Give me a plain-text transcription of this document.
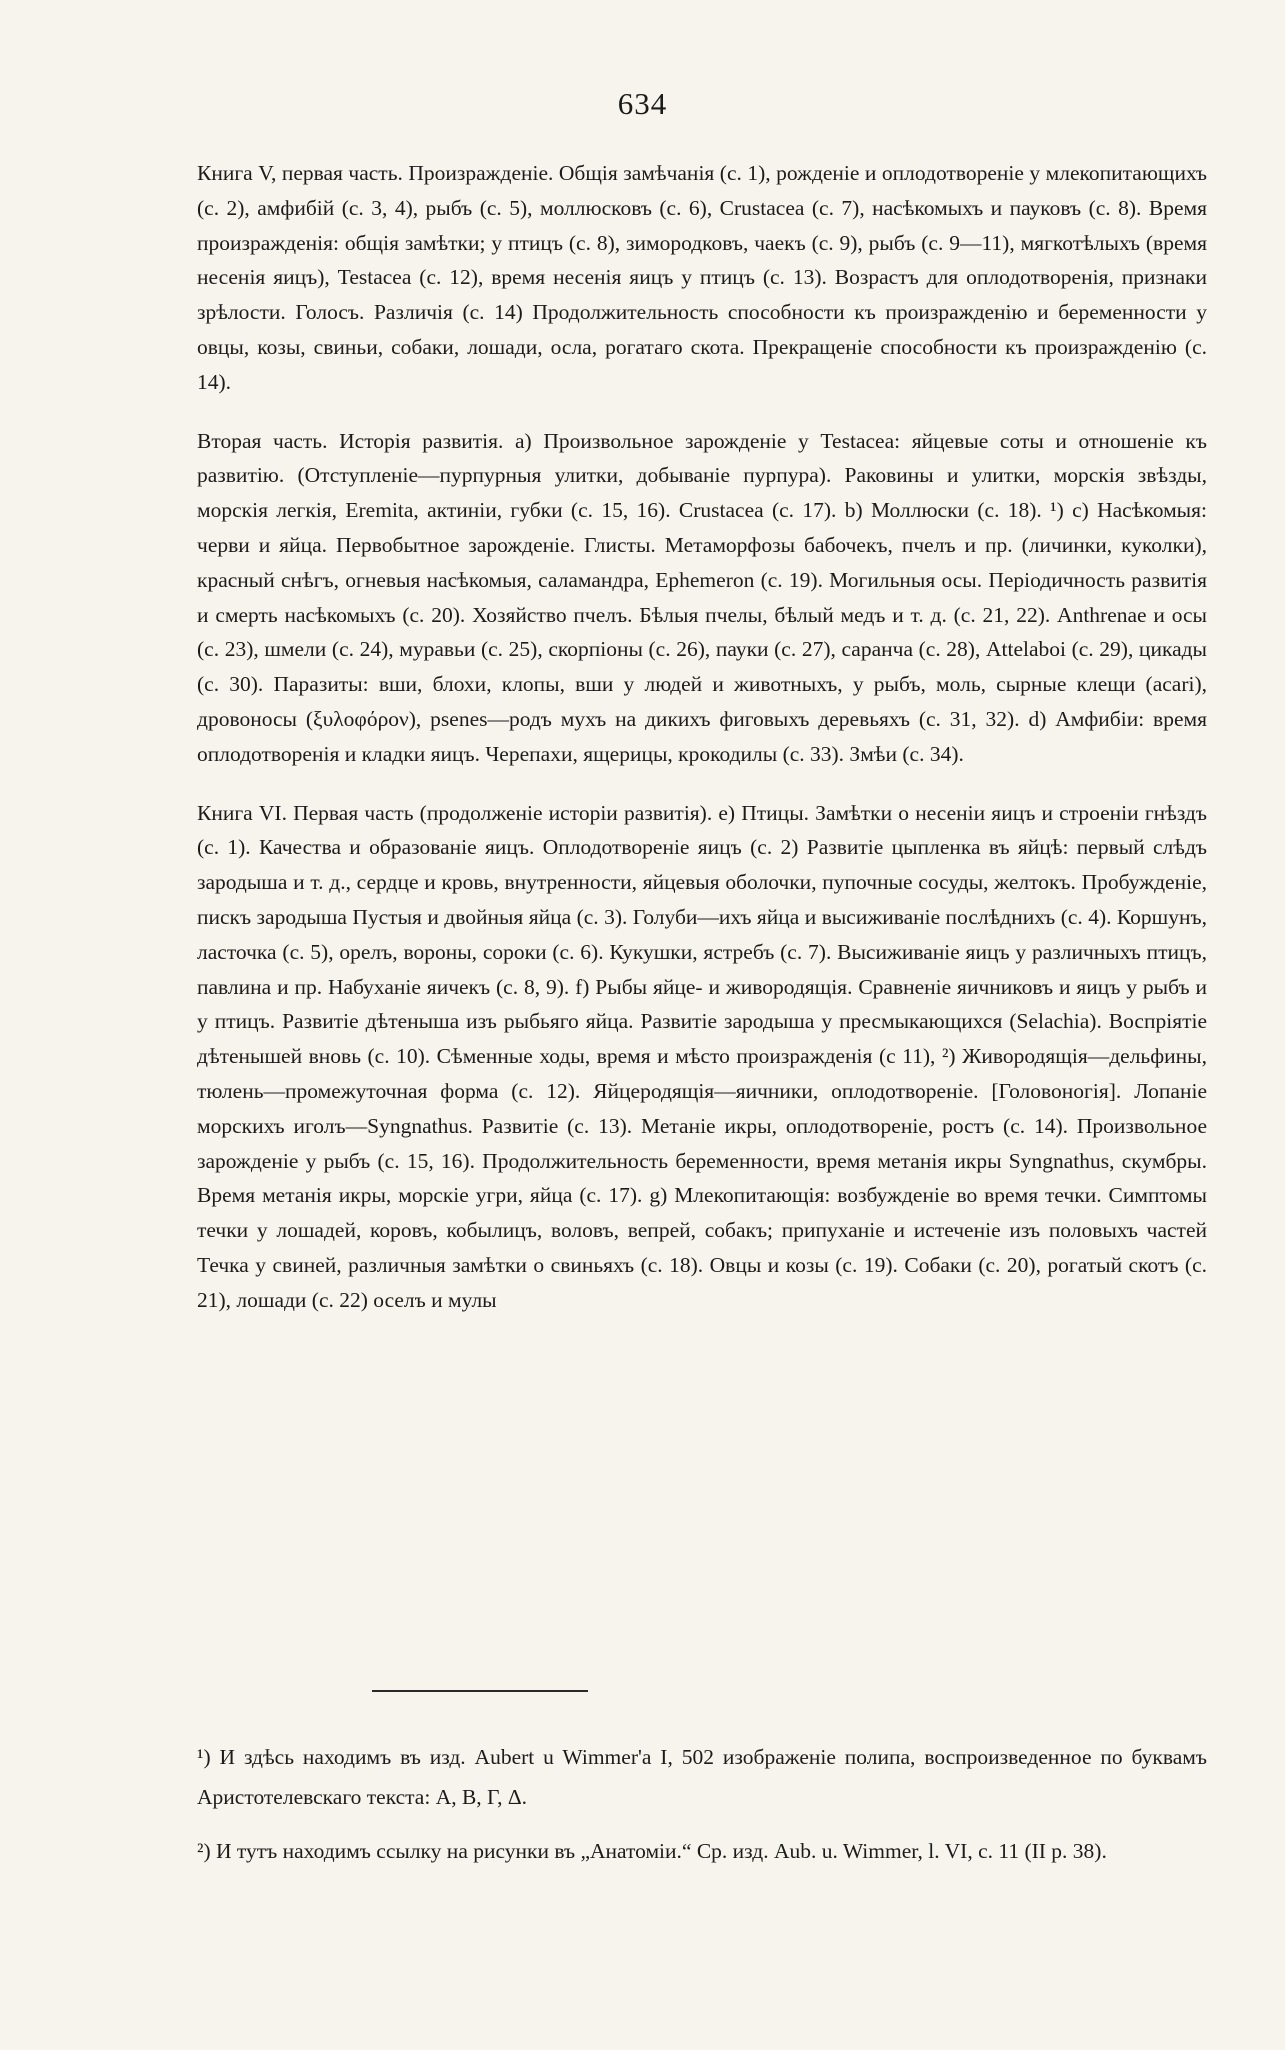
634

Книга V, первая часть. Произражденіе. Общія замѣчанія (с. 1), рожденіе и оплодотвореніе у млекопитающихъ (с. 2), амфибій (с. 3, 4), рыбъ (с. 5), моллюсковъ (с. 6), Crustacea (с. 7), насѣкомыхъ и пауковъ (с. 8). Время произражденія: общія замѣтки; у птицъ (с. 8), зимородковъ, чаекъ (с. 9), рыбъ (с. 9—11), мягкотѣлыхъ (время несенія яицъ), Testacea (с. 12), время несенія яицъ у птицъ (с. 13). Возрастъ для оплодотворенія, признаки зрѣлости. Голосъ. Различія (с. 14) Продолжительность способности къ произражденію и беременности у овцы, козы, свиньи, собаки, лошади, осла, рогатаго скота. Прекращеніе способности къ произражденію (с. 14).

Вторая часть. Исторія развитія. a) Произвольное зарожденіе у Testacea: яйцевые соты и отношеніе къ развитію. (Отступленіе—пурпурныя улитки, добываніе пурпура). Раковины и улитки, морскія звѣзды, морскія легкія, Eremita, актиніи, губки (с. 15, 16). Crustacea (с. 17). b) Моллюски (с. 18). ¹) c) Насѣкомыя: черви и яйца. Первобытное зарожденіе. Глисты. Метаморфозы бабочекъ, пчелъ и пр. (личинки, куколки), красный снѣгъ, огневыя насѣкомыя, саламандра, Ephemeron (с. 19). Могильныя осы. Періодичность развитія и смерть насѣкомыхъ (с. 20). Хозяйство пчелъ. Бѣлыя пчелы, бѣлый медъ и т. д. (с. 21, 22). Anthrenae и осы (с. 23), шмели (с. 24), муравьи (с. 25), скорпіоны (с. 26), пауки (с. 27), саранча (с. 28), Attelaboi (с. 29), цикады (с. 30). Паразиты: вши, блохи, клопы, вши у людей и животныхъ, у рыбъ, моль, сырные клещи (acari), дровоносы (ξυλοφόρον), psenes—родъ мухъ на дикихъ фиговыхъ деревьяхъ (с. 31, 32). d) Амфибіи: время оплодотворенія и кладки яицъ. Черепахи, ящерицы, крокодилы (с. 33). Змѣи (с. 34).

Книга VI. Первая часть (продолженіе исторіи развитія). e) Птицы. Замѣтки о несеніи яицъ и строеніи гнѣздъ (с. 1). Качества и образованіе яицъ. Оплодотвореніе яицъ (с. 2) Развитіе цыпленка въ яйцѣ: первый слѣдъ зародыша и т. д., сердце и кровь, внутренности, яйцевыя оболочки, пупочные сосуды, желтокъ. Пробужденіе, пискъ зародыша Пустыя и двойныя яйца (с. 3). Голуби—ихъ яйца и высиживаніе послѣднихъ (с. 4). Коршунъ, ласточка (с. 5), орелъ, вороны, сороки (с. 6). Кукушки, ястребъ (с. 7). Высиживаніе яицъ у различныхъ птицъ, павлина и пр. Набуханіе яичекъ (с. 8, 9). f) Рыбы яйце- и живородящія. Сравненіе яичниковъ и яицъ у рыбъ и у птицъ. Развитіе дѣтеныша изъ рыбьяго яйца. Развитіе зародыша у пресмыкающихся (Selachia). Воспріятіе дѣтенышей вновь (с. 10). Сѣменные ходы, время и мѣсто произражденія (с 11), ²) Живородящія—дельфины, тюлень—промежуточная форма (с. 12). Яйцеродящія—яичники, оплодотвореніе. [Головоногія]. Лопаніе морскихъ иголъ—Syngnathus. Развитіе (с. 13). Метаніе икры, оплодотвореніе, ростъ (с. 14). Произвольное зарожденіе у рыбъ (с. 15, 16). Продолжительность беременности, время метанія икры Syngnathus, скумбры. Время метанія икры, морскіе угри, яйца (с. 17). g) Млекопитающія: возбужденіе во время течки. Симптомы течки у лошадей, коровъ, кобылицъ, воловъ, вепрей, собакъ; припуханіе и истеченіе изъ половыхъ частей Течка у свиней, различныя замѣтки о свиньяхъ (с. 18). Овцы и козы (с. 19). Собаки (с. 20), рогатый скотъ (с. 21), лошади (с. 22) оселъ и мулы

¹) И здѣсь находимъ въ изд. Aubert u Wimmer'a I, 502 изображеніе полипа, воспроизведенное по буквамъ Аристотелевскаго текста: A, B, Г, Δ.

²) И тутъ находимъ ссылку на рисунки въ „Анатоміи.“ Ср. изд. Aub. u. Wimmer, l. VI, c. 11 (II p. 38).
